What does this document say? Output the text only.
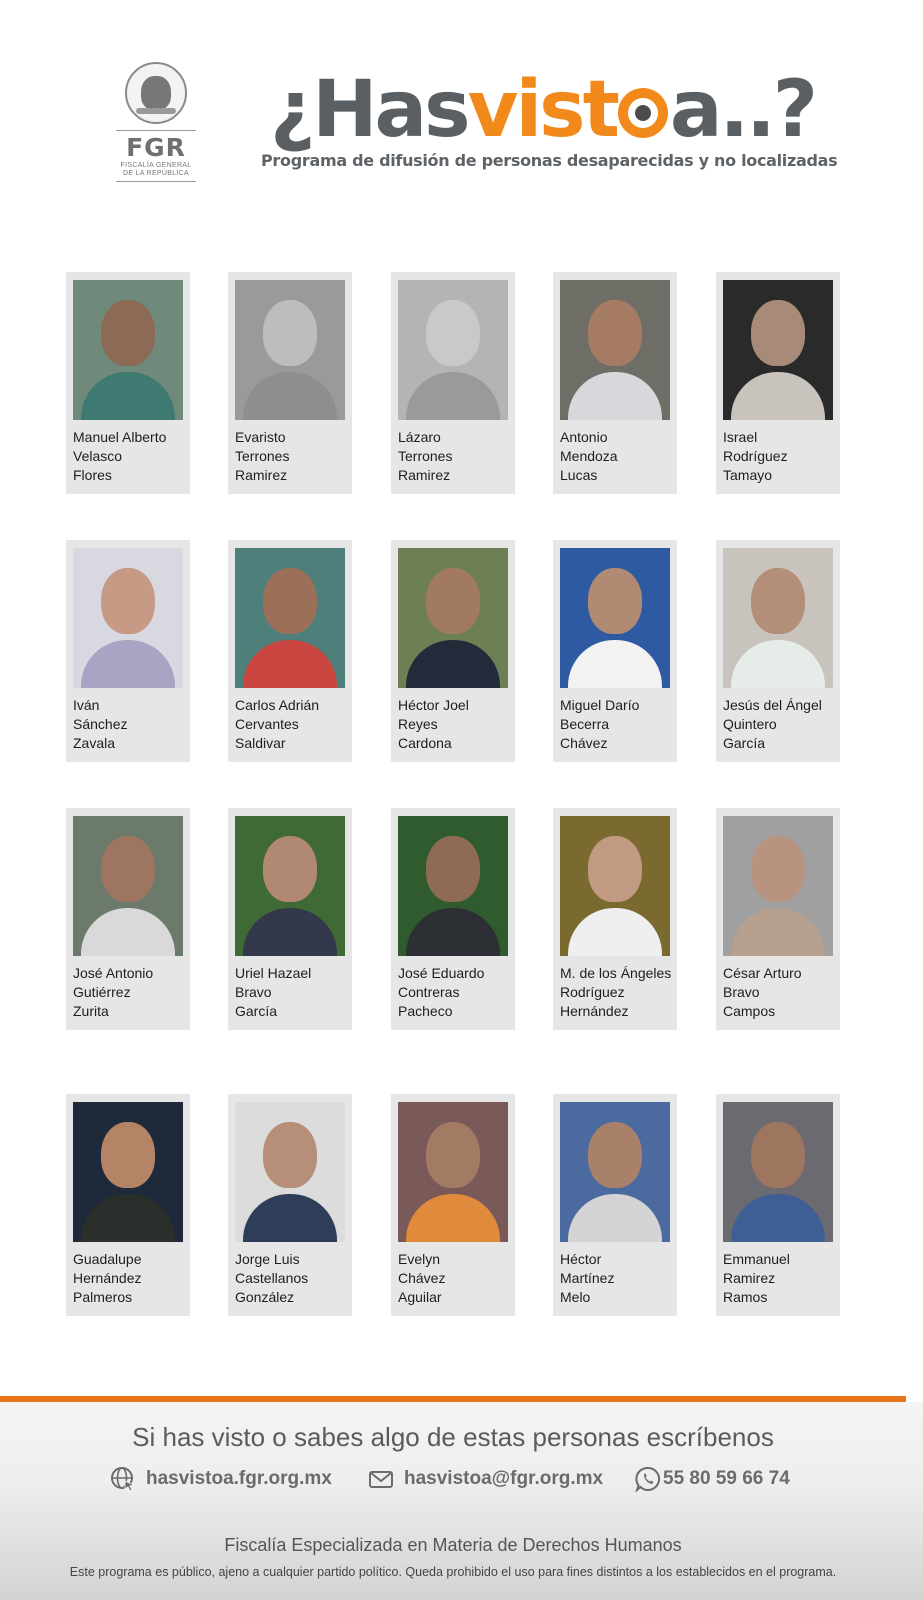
FGR
FISCALÍA GENERAL
DE LA REPÚBLICA
¿Hasvist a..?
Programa de difusión de personas desaparecidas y no localizadas
Manuel Alberto
Velasco
Flores
Evaristo
Terrones
Ramirez
Lázaro
Terrones
Ramirez
Antonio
Mendoza
Lucas
Israel
Rodríguez
Tamayo
Iván
Sánchez
Zavala
Carlos Adrián
Cervantes
Saldivar
Héctor Joel
Reyes
Cardona
Miguel Darío
Becerra
Chávez
Jesús del Ángel
Quintero
García
José Antonio
Gutiérrez
Zurita
Uriel Hazael
Bravo
García
José Eduardo
Contreras
Pacheco
M. de los Ángeles
Rodríguez
Hernández
César Arturo
Bravo
Campos
Guadalupe
Hernández
Palmeros
Jorge Luis
Castellanos
González
Evelyn
Chávez
Aguilar
Héctor
Martínez
Melo
Emmanuel
Ramirez
Ramos
Si has visto o sabes algo de estas personas escríbenos
hasvistoa.fgr.org.mx	hasvistoa@fgr.org.mx	55 80 59 66 74
Fiscalía Especializada en Materia de Derechos Humanos
Este programa es público, ajeno a cualquier partido político. Queda prohibido el uso para fines distintos a los establecidos en el programa.
